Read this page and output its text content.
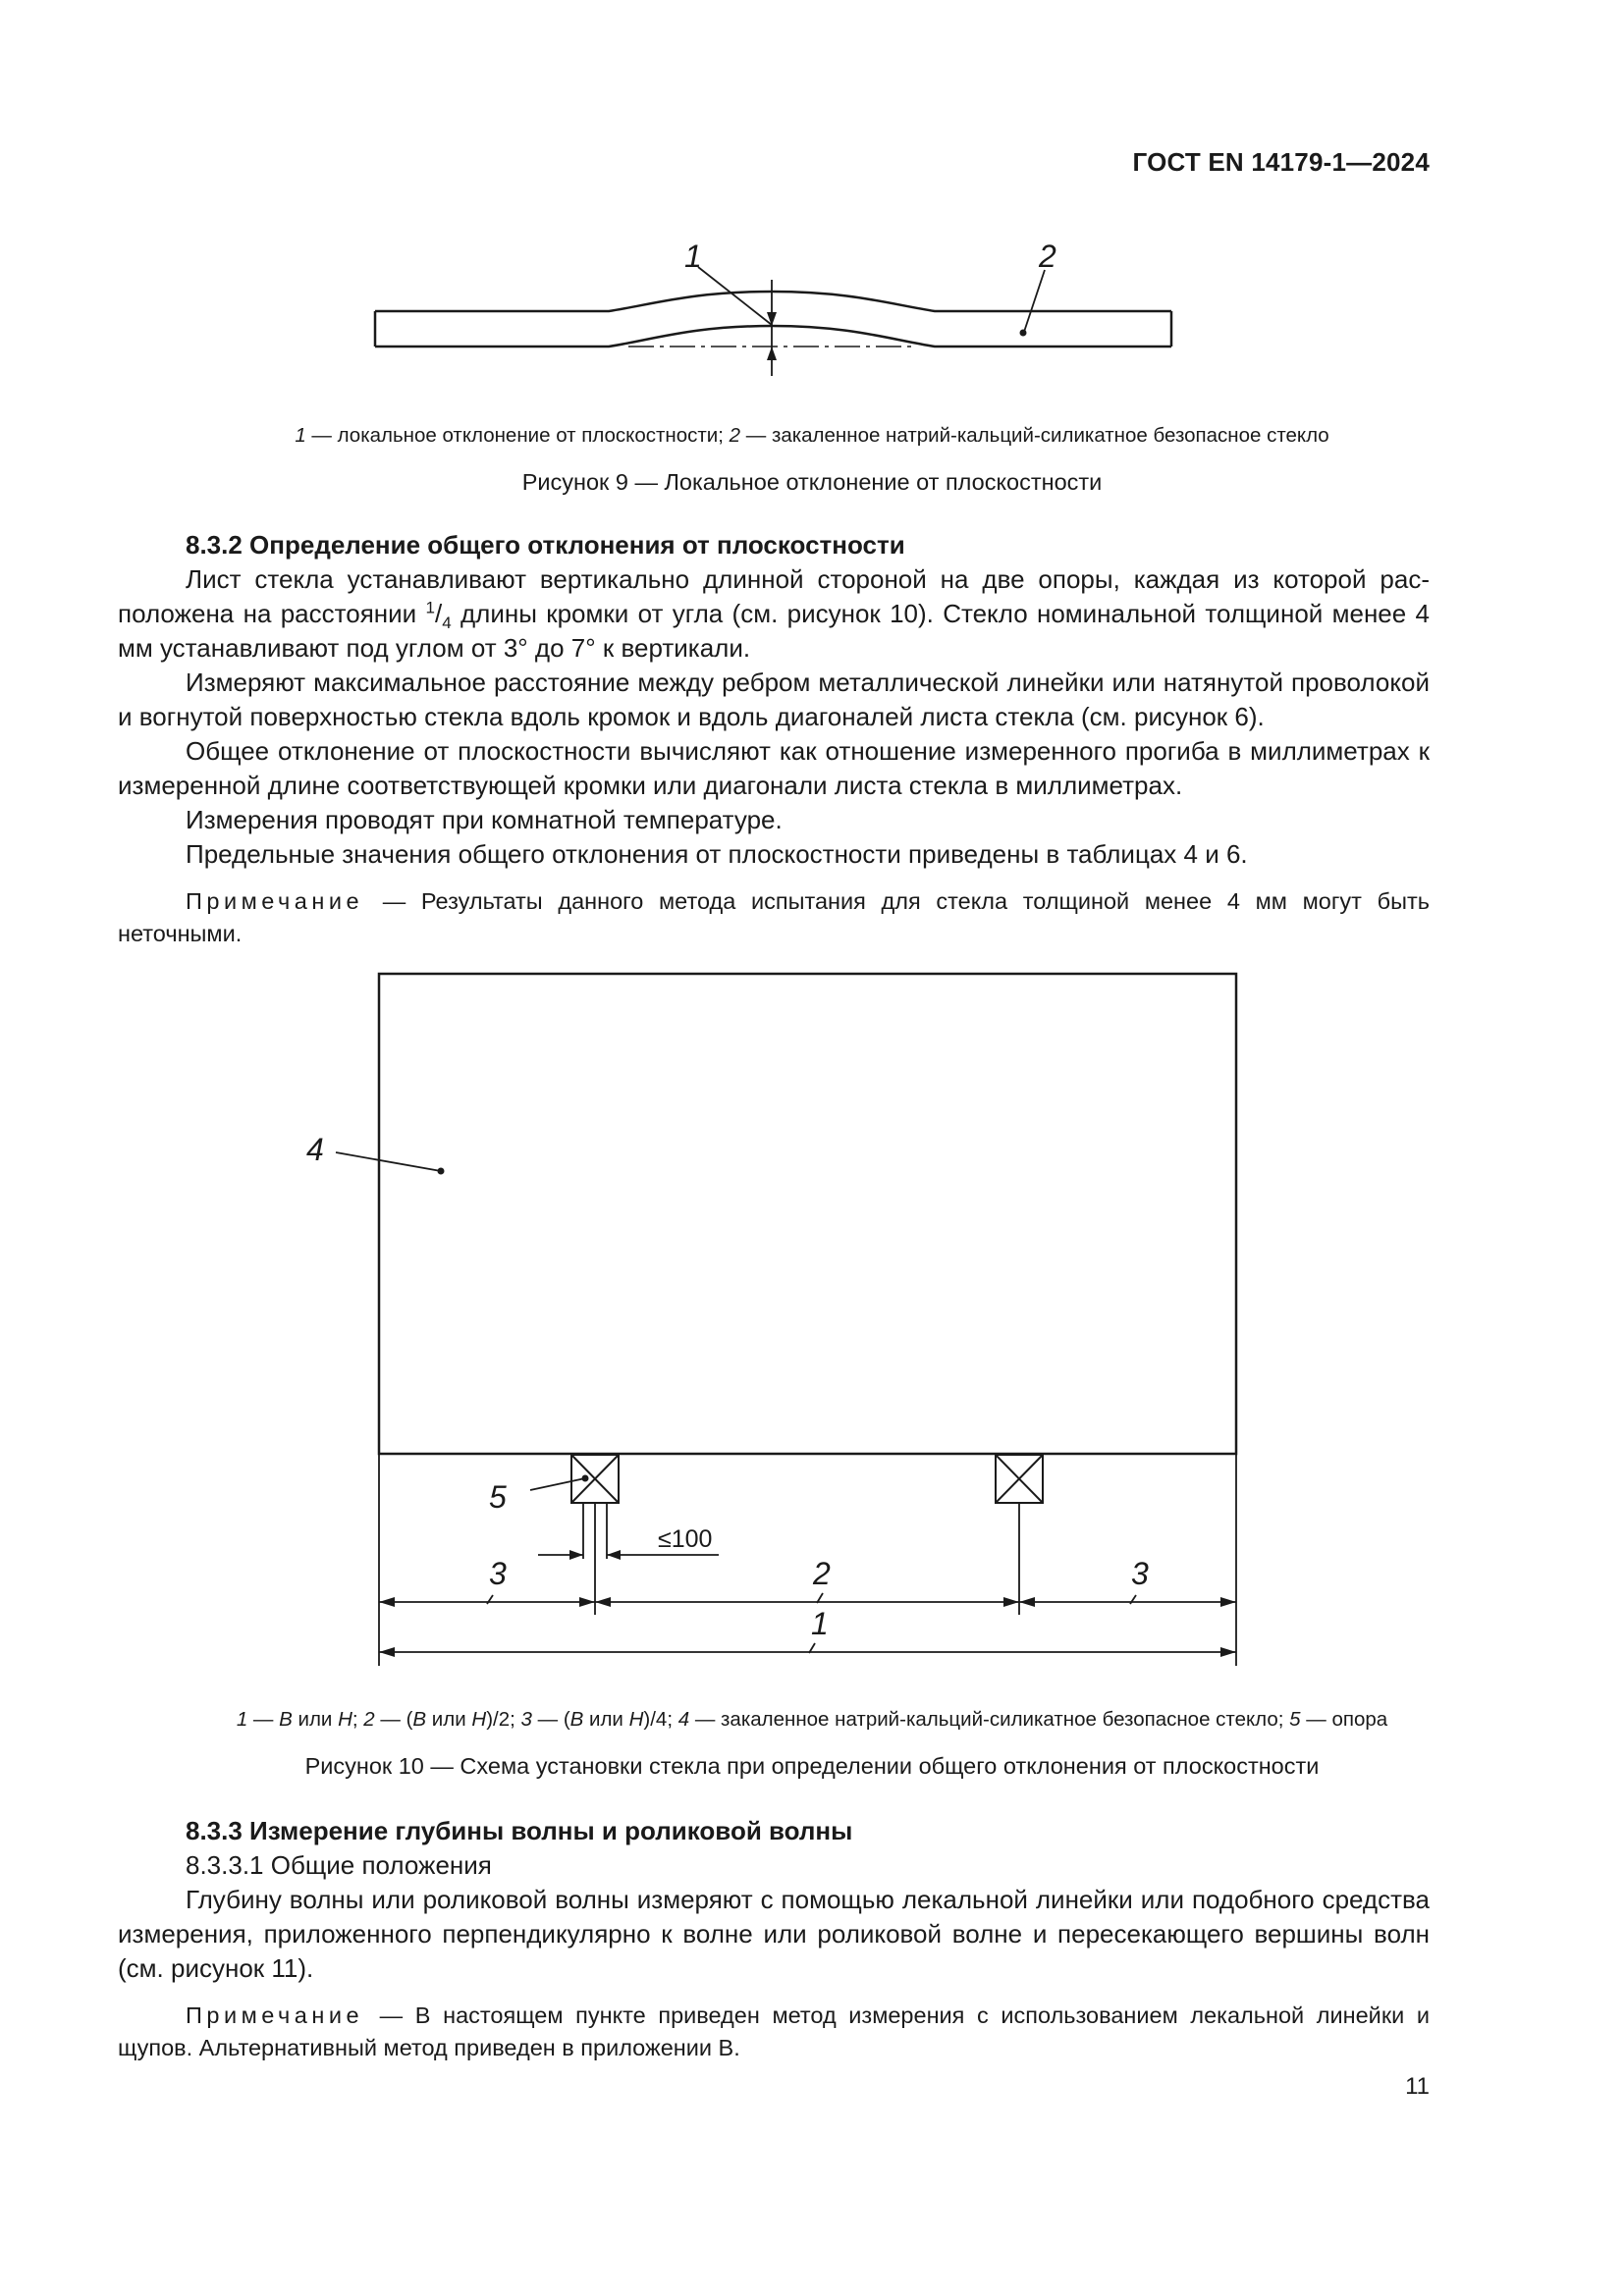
ГОСТ EN 14179-1—2024
1	2
1 — локальное отклонение от плоскостности; 2 — закаленное натрий-кальций-силикатное безопасное стекло
Рисунок 9 — Локальное отклонение от плоскостности
8.3.2 Определение общего отклонения от плоскостности

Лист стекла устанавливают вертикально длинной стороной на две опоры, каждая из которой расположена на расстоянии $^1/_4$ длины кромки от угла (см. рисунок 10). Стекло номинальной толщиной менее 4 мм устанавливают под углом от 3° до 7° к вертикали.

Измеряют максимальное расстояние между ребром металлической линейки или натянутой проволокой и вогнутой поверхностью стекла вдоль кромок и вдоль диагоналей листа стекла (см. рисунок 6).

Общее отклонение от плоскостности вычисляют как отношение измеренного прогиба в миллиметрах к измеренной длине соответствующей кромки или диагонали листа стекла в миллиметрах.

Измерения проводят при комнатной температуре.

Предельные значения общего отклонения от плоскостности приведены в таблицах 4 и 6.

Примечание — Результаты данного метода испытания для стекла толщиной менее 4 мм могут быть неточными.

4
5
≤100
3	2	3
1
1 — B или H; 2 — (B или H)/2; 3 — (B или H)/4; 4 — закаленное натрий-кальций-силикатное безопасное стекло; 5 — опора
Рисунок 10 — Схема установки стекла при определении общего отклонения от плоскостности
8.3.3 Измерение глубины волны и роликовой волны
8.3.3.1 Общие положения

Глубину волны или роликовой волны измеряют с помощью лекальной линейки или подобного средства измерения, приложенного перпендикулярно к волне или роликовой волне и пересекающего вершины волн (см. рисунок 11).

Примечание — В настоящем пункте приведен метод измерения с использованием лекальной линейки и щупов. Альтернативный метод приведен в приложении В.

11
